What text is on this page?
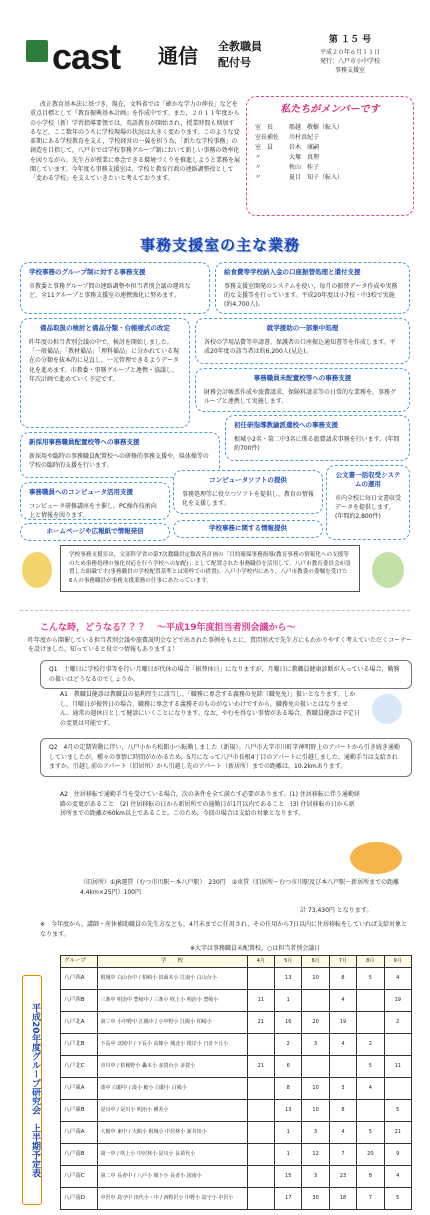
cast 通信 全教職員
配付号
第 １５ 号
平成２０年６月１１日
発行：八戸市小中学校
事務支援室
改正教育基本法に基づき，現在，文科省では「確かな学力の伸長」などを重点目標として『教育振興基本計画』を作成中です。また，２０１１年度からの小学校（新）学習指導要領では，英語教育が開始され，授業時間も増加するなど，ここ数年のうちに学校現場の状況は大きく変わります。このような変革期にある学校教育を支え，学校経営の一翼を担う為，「新たな学校事務」の創造を目指して，八戸市では学校事務グループ制において新しい事務の効率化を図りながら，先生方が授業に専念できる環境づくりを推進しようと業務を展開しています。今年度も事務支援室は，学校と教育行政の連絡調整役として「変わる学校」を支えていきたいと考えております。
私たちがメンバーです
室　長	船越　敬樹（転入）
室長補佐	川村真紀子
室　員	岩木　康嗣
〃	大塚　真理
〃	秋山　桂子
〃	夏目　知子（転入）
事務支援室の主な業務
学校事務のグループ制に対する事務支援

市教委と事務グループ間の連絡調整や担当者別会議の運営など，全11グループと事務支援室の連携強化に努めます。

給食費等学校納入金の口座振替処理と還付支援

事務支援室開発のシステムを使い，毎月の振替データ作成や実務的な支援等を行っています。平成20年度は小7校・中3校で実施(約4,700人)。

備品取扱の検討と備品分類・台帳様式の改定

昨年度の担当者別会議の中で，検討を開始しました。「一般備品」「教材備品」「理科備品」に分かれている現在の分類を抜本的に見直し，一元管理できるようデータ化を進めます。市教委・事務グループと連携・協議し，年次計画で進めていく予定です。

就学援助の一部集中処理

各校の学用品費等申請書，保護者の口座振込通知書等を作成します。平成20年度の該当者は約6,200人(見込)。

事務職員未配置校等への事務支援

財務会計帳票作成や旅費請求，保険料請求等の日常的な業務を，事務グループと連携して実施します。

新採用事務職員配置校等への事務支援

新採用や臨時の事務職員配置校への研修的事務支援や，県体操等の学校の臨時的支援を行います。

初任研指導教諭派遣校への事務支援

根城小2名・第二中3名に係る旅費請求事務を行います。(年間約700件)

事務職員へのコンピュータ活用支援

コンピュータ研修講座を主催し，PC操作技術向上と情報を図ります。

コンピュータソフトの提供

事務処理等に役立つソフトを提供し，教育の情報化を支援します。

公文書一括収受システムの運用

市内全校に毎日文書収受データを提供します。(年間約2,800件)

ホームページや広報紙で情報発信	学校事務に関する情報提供
学校事務支援室は，文部科学省の第7次教職員定数改善計画の「目的確保事務指導(教育事務の情報化への支援等のため事務処理の強化対応を行う学校への加配)」として配置された事務職員を活用して，八戸市教育委員会が設置した組織です(事務職員の学校配置基準とは別枠での措置)。八戸小学校内にあり，八戸市教委の委嘱を受けた6人の事務職員が事務支援業務の仕事にあたっています。
こんな時，どうなる？？？　〜平成19年度担当者別会議から〜
昨年度から開催している担当者別会議や旅費説明会などで出された事例をもとに，質問形式で先生方にもわかりやすく考えていただくコーナーを設けました。知っていると役立つ情報もありますよ！
Q1　土曜日に学校行事等を行い月曜日が代休の場合「振替休日」になりますが，月曜日に教職員健康診断が入っている場合，勤務の扱いはどうなるのでしょうか。
A1　教職員健診は教職員の福利厚生に該当し，「職務に専念する義務の免除（職免免）」扱いとなります。しかし，月曜日が振替日の場合，職務に専念する義務そのものがないわけですから，職務免の扱いとはなりません。通常の週休日として健診にいくことになります。なお，やむを得ない事情がある場合，教職員健診は予定日の変更は可能です。
Q2　4月の定期異動に伴い，八戸小から松館小へ転勤しました（新規）。八戸市大字市川町字神明野上のアパートから引き続き通勤していましたが，種々の事情に時間がかかるため，5月になって八戸市長根4丁目のアパートに引越しました。通勤手当は支給されますか。引越し前のアパート（旧居所）から引越し先のアパート（新居所）までの距離は，10.2kmあります。
A2　住居移転で通勤手当を受けている場合，次の条件を全て満たす必要があります。(1) 住居移転に伴う通勤経路の変更があること　(2) 住居移転の日から新居所での通勤日が1月以内であること　(3) 住居移転の日から新居所までの距離が60km以上であること。このため，今回の場合は支給の対象となります。
（旧居所）①JR運賃（むつ市川駅〜本八戸駅）　230円　②車賃（旧居所〜むつ市川駅及び本八戸駅〜新居所までの距離4.4km×25円）100円
計 73,430円 となります。
※　今年度から，講師・産休補助職員の先生方なども，4月末までに任用され，その任用から7日以内に住居移転をしていれば支給対象となります。
※大字は事務職員未配置校。○は担当者別会議日
平成20年度グループ研究会　上半期予定表
グループ	学　　校	4月	5月	6月	7月	8月	9月
八戸西A	根城中 白山台中 / 柏崎小 田面木小 江南小 白山台小		13	10	8	5	4
八戸西B	三条中 明治中 豊崎中 / 三条小 吹上小 明治小 豊崎小	11	1		4		19
八戸北A	第三中 小中野中 江陽中 / 小中野小 江陽小 柏崎小	21	16	20	19		2
八戸北B	下長中 北陵中 / 下長小 高館小 城北小 根岸小 日計ケ丘小		2	3	4	2	
八戸北C	市川中 / 桔梗野小 轟木小 多賀台小 多賀小	21	6			5	11
八戸東A	湊中 白銀中 / 湊小 鮫小 白銀小 白鴎小		8	10	3	4	
八戸東B	是川中 / 是川小 明治小 種差小		13	10	8		5
八戸南A	大館中 東中 / 大館小 根城小 中居林小 新井田小		1	3	4	5	21
八戸南B	第一中 / 吹上小 中居林小 是川小 長苗代小		1	12	7	20	9
八戸南C	第二中 長者中 / 八戸小 城下小 長者小 図南小		15	3	23	8	4
八戸南D	中沢中 島守中 田代小・中 / 西野沢小 中野小 島守小 中沢小		17	30	18	7	5
